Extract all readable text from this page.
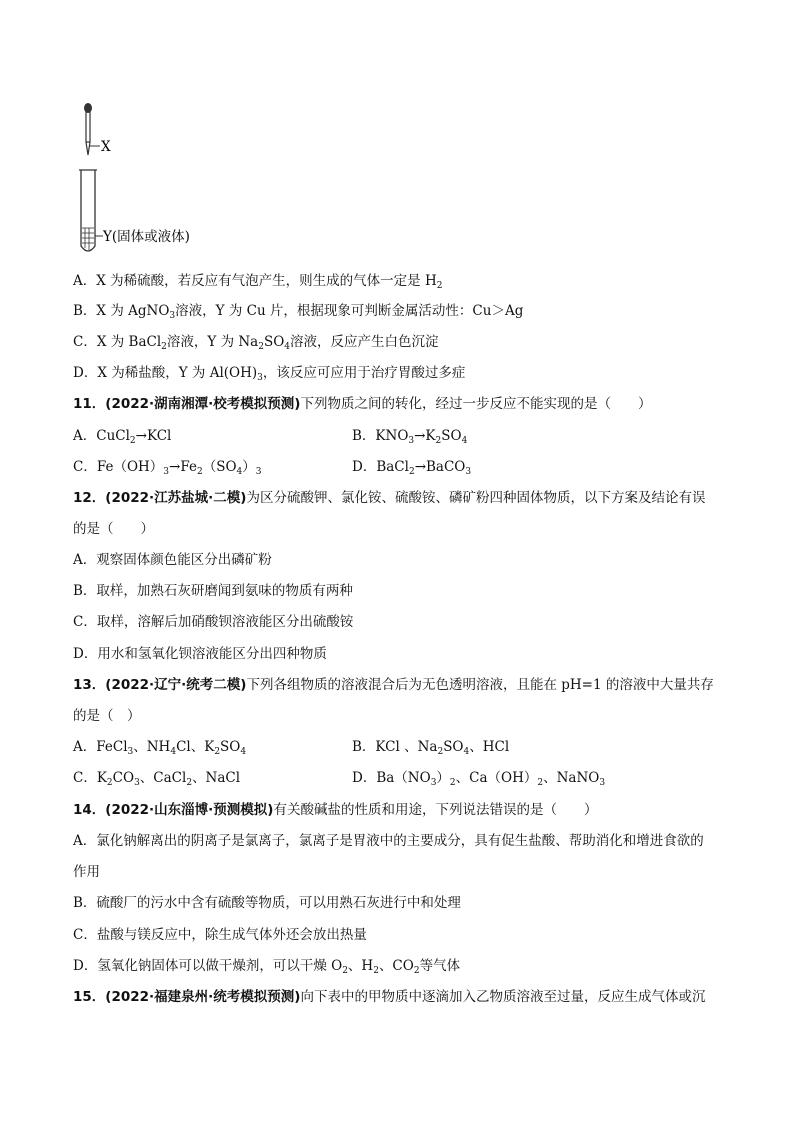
X
Y(固体或液体)
A．X 为稀硫酸，若反应有气泡产生，则生成的气体一定是 $H_2$
B．X 为 AgNO$_3$溶液，Y 为 Cu 片，根据现象可判断金属活动性：Cu＞Ag
C．X 为 BaCl$_2$溶液，Y 为 $Na_2SO_4$溶液，反应产生白色沉淀
D．X 为稀盐酸，Y 为 $Al(OH)_3$，该反应可应用于治疗胃酸过多症
11．(2022·湖南湘潭·校考模拟预测)下列物质之间的转化，经过一步反应不能实现的是（　　）
A．CuCl$_2$→KCl	B．$KNO_3\to K_2SO_4$
C．$Fe(OH)_3\to Fe_2(SO_4)_3$	D．BaCl$_2$→BaCO$_3$
12．(2022·江苏盐城·二模)为区分硫酸钾、氯化铵、硫酸铵、磷矿粉四种固体物质，以下方案及结论有误
的是（　　）
A．观察固体颜色能区分出磷矿粉
B．取样，加熟石灰研磨闻到氨味的物质有两种
C．取样，溶解后加硝酸钡溶液能区分出硫酸铵
D．用水和氢氧化钡溶液能区分出四种物质
13．(2022·辽宁·统考二模)下列各组物质的溶液混合后为无色透明溶液，且能在 pH=1 的溶液中大量共存
的是（　）
A．FeCl$_3$、$NH_4Cl$、$K_2SO_4$	B．KCl 、$Na_2SO_4$、HCl
C．$K_2CO_3$、CaCl$_2$、NaCl	D．$Ba(NO_3)_2$、$Ca(OH)_2$、NaNO$_3$
14．(2022·山东淄博·预测模拟)有关酸碱盐的性质和用途，下列说法错误的是（　　）
A．氯化钠解离出的阴离子是氯离子，氯离子是胃液中的主要成分，具有促生盐酸、帮助消化和增进食欲的
作用
B．硫酸厂的污水中含有硫酸等物质，可以用熟石灰进行中和处理
C．盐酸与镁反应中，除生成气体外还会放出热量
D．氢氧化钠固体可以做干燥剂，可以干燥 $O_2$、$H_2$、$CO_2$等气体
15．(2022·福建泉州·统考模拟预测)向下表中的甲物质中逐滴加入乙物质溶液至过量，反应生成气体或沉
